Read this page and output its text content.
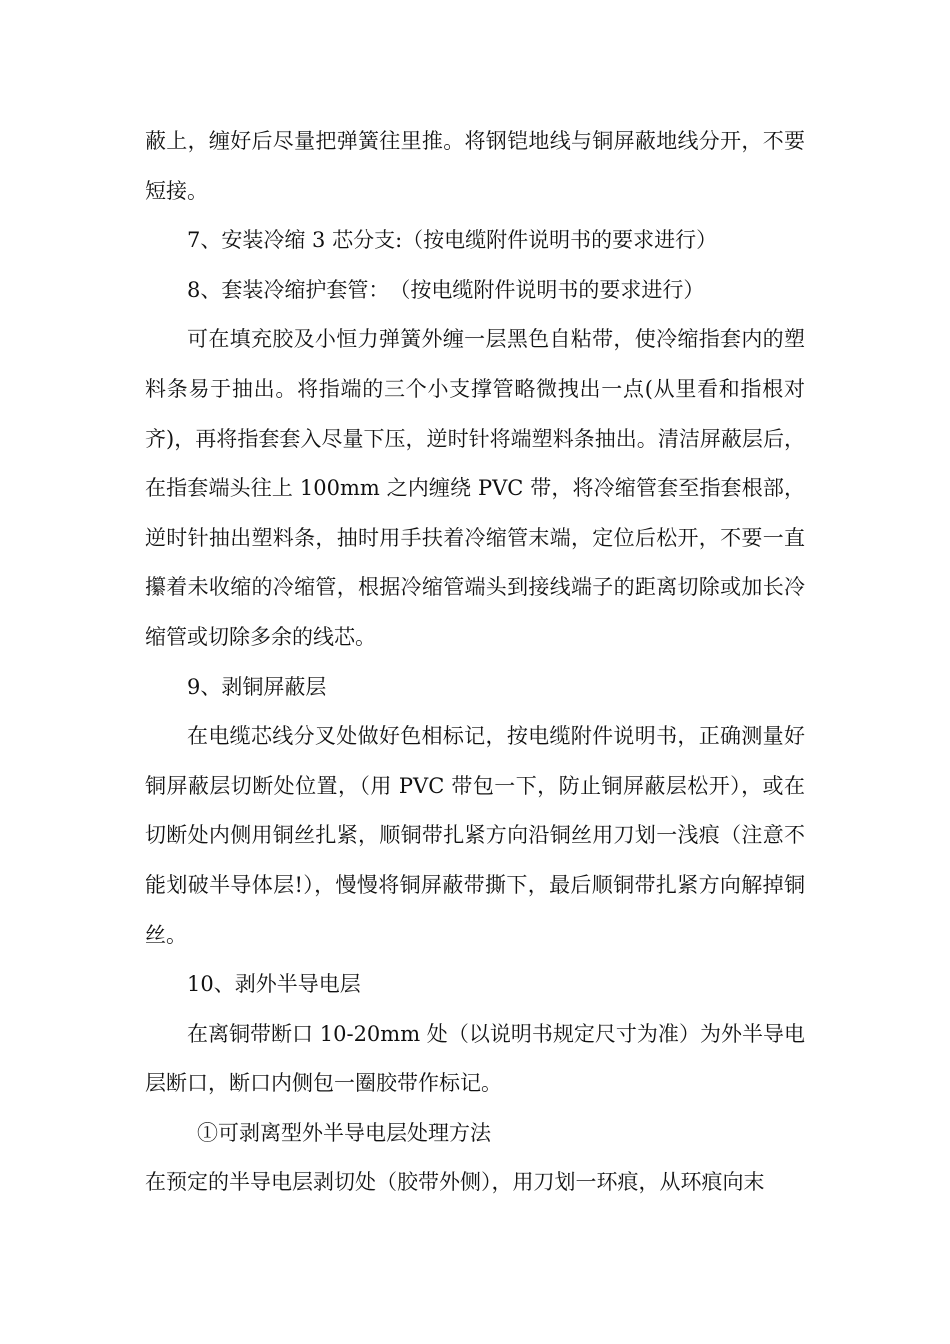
蔽上，缠好后尽量把弹簧往里推。将钢铠地线与铜屏蔽地线分开，不要短接。

7、安装冷缩 3 芯分支:（按电缆附件说明书的要求进行）

8、套装冷缩护套管：　（按电缆附件说明书的要求进行）

可在填充胶及小恒力弹簧外缠一层黑色自粘带，使冷缩指套内的塑料条易于抽出。将指端的三个小支撑管略微拽出一点(从里看和指根对齐)，再将指套套入尽量下压，逆时针将端塑料条抽出。清洁屏蔽层后，在指套端头往上 100mm 之内缠绕 PVC 带，将冷缩管套至指套根部，逆时针抽出塑料条，抽时用手扶着冷缩管末端，定位后松开，不要一直攥着未收缩的冷缩管，根据冷缩管端头到接线端子的距离切除或加长冷缩管或切除多余的线芯。

9、剥铜屏蔽层

在电缆芯线分叉处做好色相标记，按电缆附件说明书，正确测量好铜屏蔽层切断处位置，（用 PVC 带包一下，防止铜屏蔽层松开），或在切断处内侧用铜丝扎紧，顺铜带扎紧方向沿铜丝用刀划一浅痕（注意不能划破半导体层!），慢慢将铜屏蔽带撕下，最后顺铜带扎紧方向解掉铜丝。

10、剥外半导电层

在离铜带断口 10-20mm 处（以说明书规定尺寸为准）为外半导电层断口，断口内侧包一圈胶带作标记。

①可剥离型外半导电层处理方法

在预定的半导电层剥切处（胶带外侧），用刀划一环痕，从环痕向末
